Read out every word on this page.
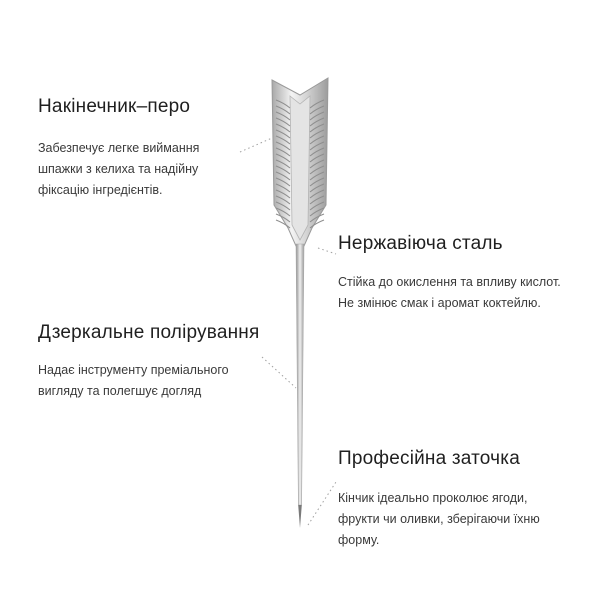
Накінечник–перо

Забезпечує легке виймання шпажки з келиха та надійну фіксацію інгредієнтів.

Нержавіюча сталь

Стійка до окислення та впливу кислот. Не змінює смак і аромат коктейлю.

Дзеркальне полірування

Надає інструменту преміального вигляду та полегшує догляд

Професійна заточка

Кінчик ідеально проколює ягоди, фрукти чи оливки, зберігаючи їхню форму.
